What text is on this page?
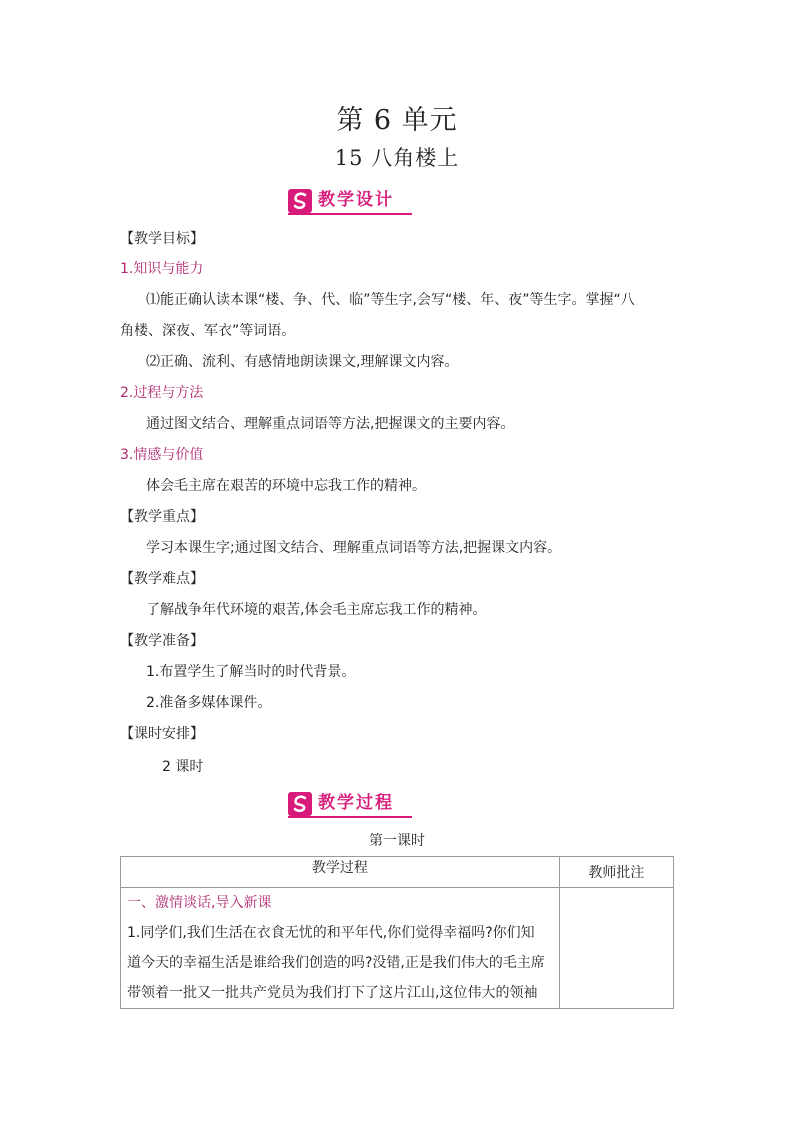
第 6 单元
15 八角楼上
教学设计
【教学目标】
1.知识与能力
⑴能正确认读本课“楼、争、代、临”等生字,会写“楼、年、夜”等生字。掌握“八
角楼、深夜、军衣”等词语。
⑵正确、流利、有感情地朗读课文,理解课文内容。
2.过程与方法
通过图文结合、理解重点词语等方法,把握课文的主要内容。
3.情感与价值
体会毛主席在艰苦的环境中忘我工作的精神。
【教学重点】
学习本课生字;通过图文结合、理解重点词语等方法,把握课文内容。
【教学难点】
了解战争年代环境的艰苦,体会毛主席忘我工作的精神。
【教学准备】
1.布置学生了解当时的时代背景。
2.准备多媒体课件。
【课时安排】
2 课时
教学过程
第一课时
教学过程	教师批注

一、激情谈话,导入新课
1.同学们,我们生活在衣食无忧的和平年代,你们觉得幸福吗?你们知
道今天的幸福生活是谁给我们创造的吗?没错,正是我们伟大的毛主席
带领着一批又一批共产党员为我们打下了这片江山,这位伟大的领袖	
